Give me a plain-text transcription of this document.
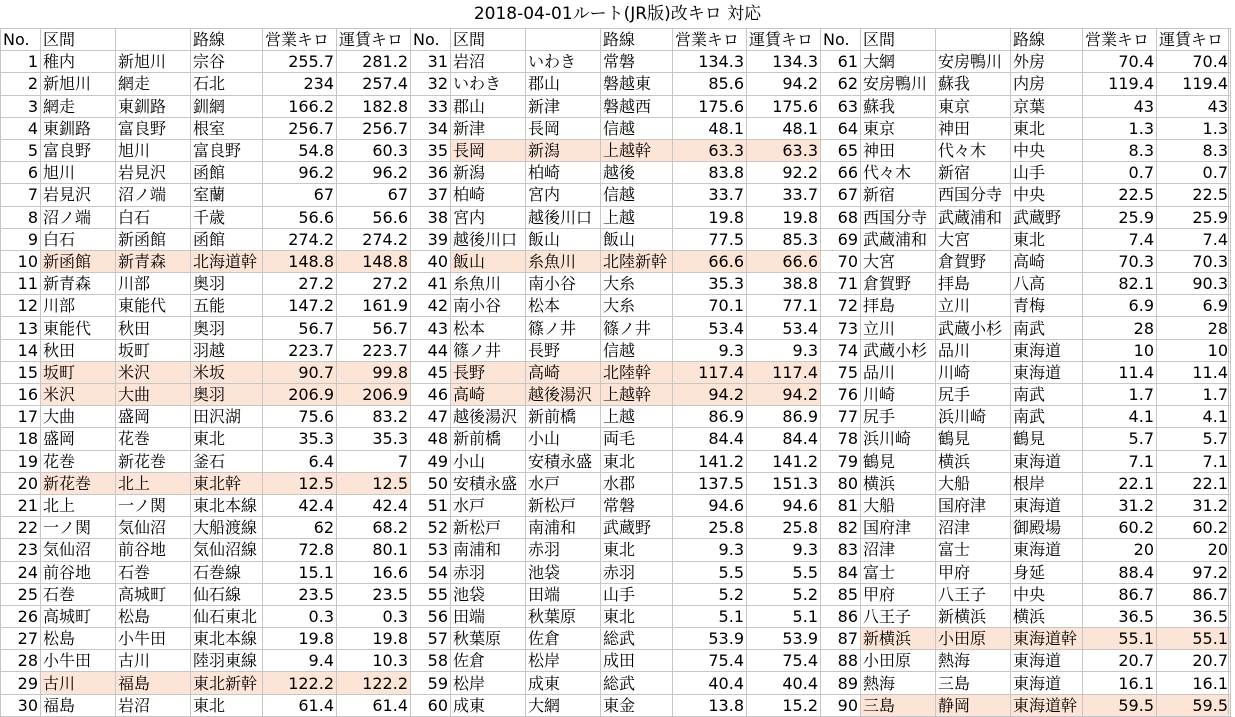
2018-04-01ルート(JR版)改キロ 対応
No.	区間		路線	営業キロ	運賃キロ	No.	区間		路線	営業キロ	運賃キロ	No.	区間		路線	営業キロ	運賃キロ
1	稚内	新旭川	宗谷	255.7	281.2	31	岩沼	いわき	常磐	134.3	134.3	61	大網	安房鴨川	外房	70.4	70.4
2	新旭川	網走	石北	234	257.4	32	いわき	郡山	磐越東	85.6	94.2	62	安房鴨川	蘇我	内房	119.4	119.4
3	網走	東釧路	釧網	166.2	182.8	33	郡山	新津	磐越西	175.6	175.6	63	蘇我	東京	京葉	43	43
4	東釧路	富良野	根室	256.7	256.7	34	新津	長岡	信越	48.1	48.1	64	東京	神田	東北	1.3	1.3
5	富良野	旭川	富良野	54.8	60.3	35	長岡	新潟	上越幹	63.3	63.3	65	神田	代々木	中央	8.3	8.3
6	旭川	岩見沢	函館	96.2	96.2	36	新潟	柏崎	越後	83.8	92.2	66	代々木	新宿	山手	0.7	0.7
7	岩見沢	沼ノ端	室蘭	67	67	37	柏崎	宮内	信越	33.7	33.7	67	新宿	西国分寺	中央	22.5	22.5
8	沼ノ端	白石	千歳	56.6	56.6	38	宮内	越後川口	上越	19.8	19.8	68	西国分寺	武蔵浦和	武蔵野	25.9	25.9
9	白石	新函館	函館	274.2	274.2	39	越後川口	飯山	飯山	77.5	85.3	69	武蔵浦和	大宮	東北	7.4	7.4
10	新函館	新青森	北海道幹	148.8	148.8	40	飯山	糸魚川	北陸新幹	66.6	66.6	70	大宮	倉賀野	高崎	70.3	70.3
11	新青森	川部	奥羽	27.2	27.2	41	糸魚川	南小谷	大糸	35.3	38.8	71	倉賀野	拝島	八高	82.1	90.3
12	川部	東能代	五能	147.2	161.9	42	南小谷	松本	大糸	70.1	77.1	72	拝島	立川	青梅	6.9	6.9
13	東能代	秋田	奥羽	56.7	56.7	43	松本	篠ノ井	篠ノ井	53.4	53.4	73	立川	武蔵小杉	南武	28	28
14	秋田	坂町	羽越	223.7	223.7	44	篠ノ井	長野	信越	9.3	9.3	74	武蔵小杉	品川	東海道	10	10
15	坂町	米沢	米坂	90.7	99.8	45	長野	高崎	北陸幹	117.4	117.4	75	品川	川崎	東海道	11.4	11.4
16	米沢	大曲	奥羽	206.9	206.9	46	高崎	越後湯沢	上越幹	94.2	94.2	76	川崎	尻手	南武	1.7	1.7
17	大曲	盛岡	田沢湖	75.6	83.2	47	越後湯沢	新前橋	上越	86.9	86.9	77	尻手	浜川崎	南武	4.1	4.1
18	盛岡	花巻	東北	35.3	35.3	48	新前橋	小山	両毛	84.4	84.4	78	浜川崎	鶴見	鶴見	5.7	5.7
19	花巻	新花巻	釜石	6.4	7	49	小山	安積永盛	東北	141.2	141.2	79	鶴見	横浜	東海道	7.1	7.1
20	新花巻	北上	東北幹	12.5	12.5	50	安積永盛	水戸	水郡	137.5	151.3	80	横浜	大船	根岸	22.1	22.1
21	北上	一ノ関	東北本線	42.4	42.4	51	水戸	新松戸	常磐	94.6	94.6	81	大船	国府津	東海道	31.2	31.2
22	一ノ関	気仙沼	大船渡線	62	68.2	52	新松戸	南浦和	武蔵野	25.8	25.8	82	国府津	沼津	御殿場	60.2	60.2
23	気仙沼	前谷地	気仙沼線	72.8	80.1	53	南浦和	赤羽	東北	9.3	9.3	83	沼津	富士	東海道	20	20
24	前谷地	石巻	石巻線	15.1	16.6	54	赤羽	池袋	赤羽	5.5	5.5	84	富士	甲府	身延	88.4	97.2
25	石巻	高城町	仙石線	23.5	23.5	55	池袋	田端	山手	5.2	5.2	85	甲府	八王子	中央	86.7	86.7
26	高城町	松島	仙石東北	0.3	0.3	56	田端	秋葉原	東北	5.1	5.1	86	八王子	新横浜	横浜	36.5	36.5
27	松島	小牛田	東北本線	19.8	19.8	57	秋葉原	佐倉	総武	53.9	53.9	87	新横浜	小田原	東海道幹	55.1	55.1
28	小牛田	古川	陸羽東線	9.4	10.3	58	佐倉	松岸	成田	75.4	75.4	88	小田原	熱海	東海道	20.7	20.7
29	古川	福島	東北新幹	122.2	122.2	59	松岸	成東	総武	40.4	40.4	89	熱海	三島	東海道	16.1	16.1
30	福島	岩沼	東北	61.4	61.4	60	成東	大網	東金	13.8	15.2	90	三島	静岡	東海道幹	59.5	59.5
